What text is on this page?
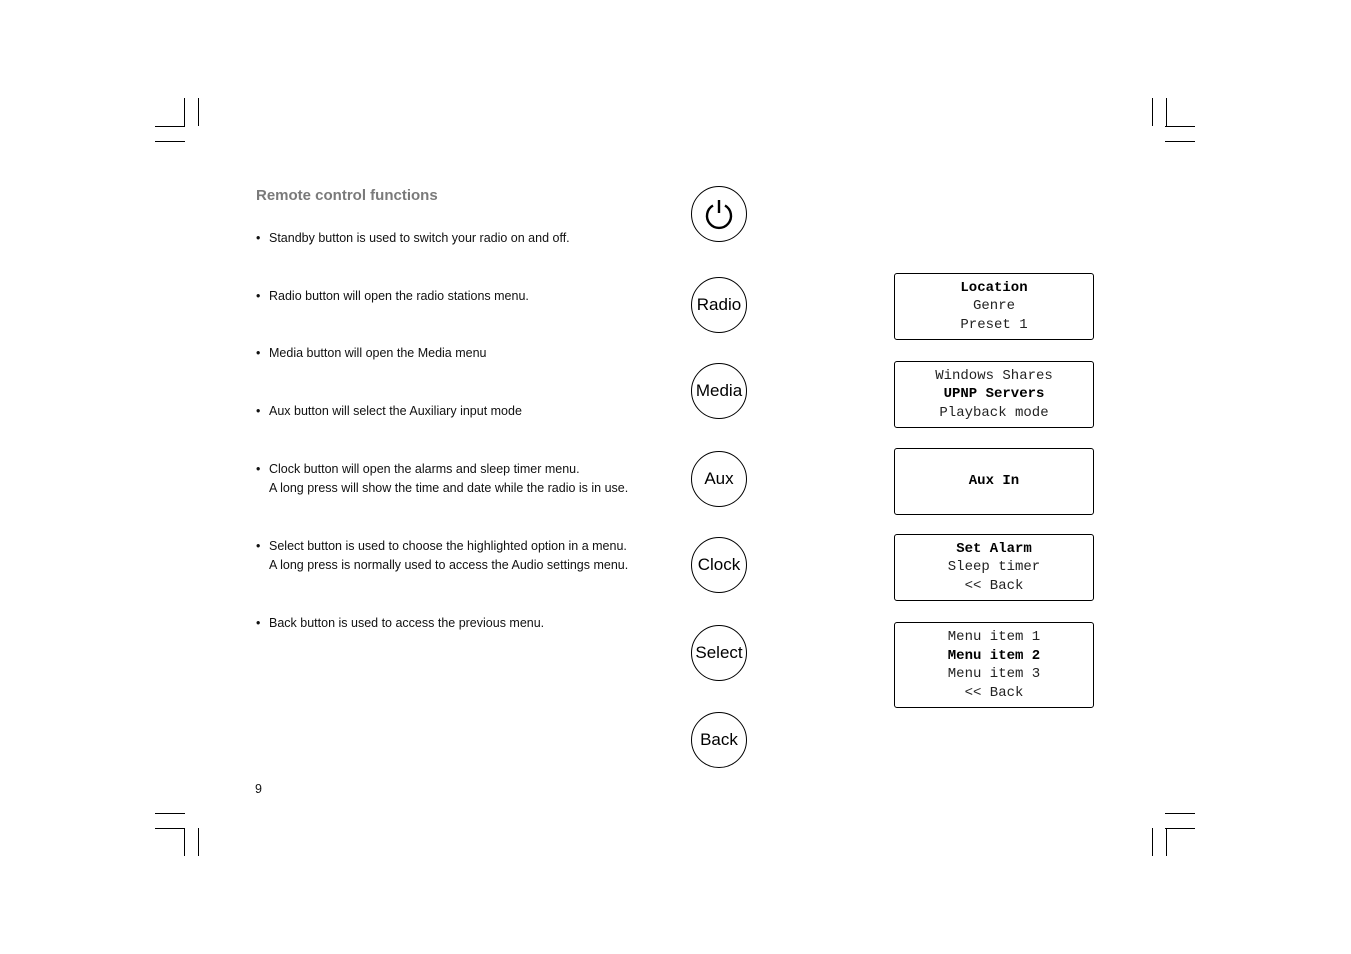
Remote control functions
• Standby button is used to switch your radio on and off.
• Radio button will open the radio stations menu.
• Media button will open the Media menu
• Aux button will select the Auxiliary input mode
• Clock button will open the alarms and sleep timer menu.
A long press will show the time and date while the radio is in use.
• Select button is used to choose the highlighted option in a menu.
A long press is normally used to access the Audio settings menu.
• Back button is used to access the previous menu.
Radio
Media
Aux
Clock
Select
Back
Location
Genre
Preset 1
Windows Shares
UPNP Servers
Playback mode
Aux In
Set Alarm
Sleep timer
<< Back
Menu item 1
Menu item 2
Menu item 3
<< Back
9
